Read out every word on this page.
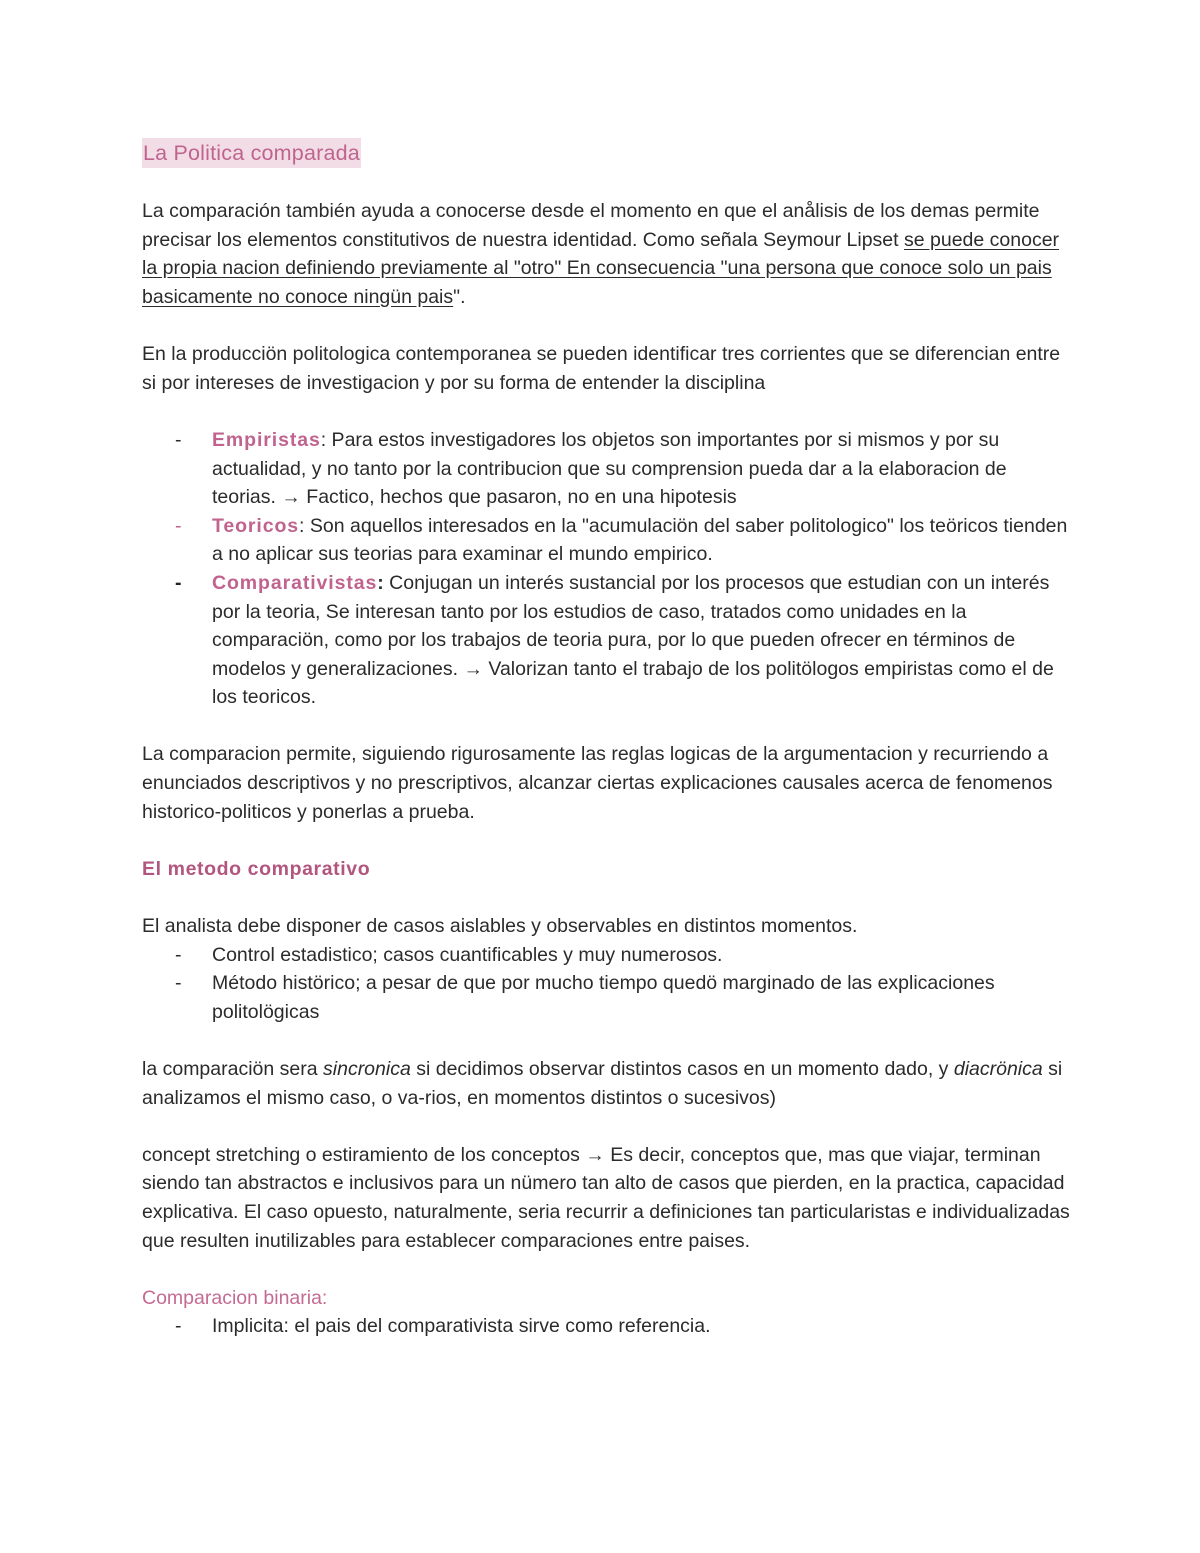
La Politica comparada

La comparación también ayuda a conocerse desde el momento en que el anålisis de los demas permite precisar los elementos constitutivos de nuestra identidad. Como señala Seymour Lipset se puede conocer la propia nacion definiendo previamente al "otro" En consecuencia "una persona que conoce solo un pais basicamente no conoce ningün pais".

En la producciön politologica contemporanea se pueden identificar tres corrientes que se diferencian entre si por intereses de investigacion y por su forma de entender la disciplina

-	Empiristas: Para estos investigadores los objetos son importantes por si mismos y por su actualidad, y no tanto por la contribucion que su comprension pueda dar a la elaboracion de teorias. → Factico, hechos que pasaron, no en una hipotesis
-	Teoricos: Son aquellos interesados en la "acumulaciön del saber politologico" los teöricos tienden a no aplicar sus teorias para examinar el mundo empirico.
-	Comparativistas: Conjugan un interés sustancial por los procesos que estudian con un interés por la teoria, Se interesan tanto por los estudios de caso, tratados como unidades en la comparaciön, como por los trabajos de teoria pura, por lo que pueden ofrecer en términos de modelos y generalizaciones. → Valorizan tanto el trabajo de los politölogos empiristas como el de los teoricos.

La comparacion permite, siguiendo rigurosamente las reglas logicas de la argumentacion y recurriendo a enunciados descriptivos y no prescriptivos, alcanzar ciertas explicaciones causales acerca de fenomenos historico-politicos y ponerlas a prueba.

El metodo comparativo

El analista debe disponer de casos aislables y observables en distintos momentos.

-	Control estadistico; casos cuantificables y muy numerosos.
-	Método histörico; a pesar de que por mucho tiempo quedö marginado de las explicaciones politolögicas

la comparaciön sera sincronica si decidimos observar distintos casos en un momento dado, y diacrönica si analizamos el mismo caso, o va-rios, en momentos distintos o sucesivos)

concept stretching o estiramiento de los conceptos → Es decir, conceptos que, mas que viajar, terminan siendo tan abstractos e inclusivos para un nümero tan alto de casos que pierden, en la practica, capacidad explicativa. El caso opuesto, naturalmente, seria recurrir a definiciones tan particularistas e individualizadas que resulten inutilizables para establecer comparaciones entre paises.

Comparacion binaria:

-	Implicita: el pais del comparativista sirve como referencia.
